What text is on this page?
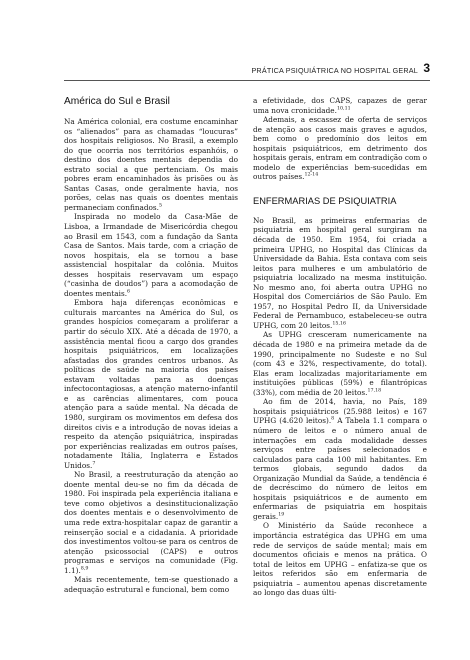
PRÁTICA PSIQUIÁTRICA NO HOSPITAL GERAL 3
América do Sul e Brasil

Na América colonial, era costume encaminhar os “alienados” para as chamadas “loucuras” dos hospitais religiosos. No Brasil, a exemplo do que ocorria nos territórios espanhóis, o destino dos doentes mentais dependia do estrato social a que pertenciam. Os mais pobres eram encaminhados às prisões ou às Santas Casas, onde geralmente havia, nos porões, celas nas quais os doentes mentais permaneciam confinados.$^5$

Inspirada no modelo da Casa-Mãe de Lisboa, a Irmandade de Misericórdia chegou ao Brasil em 1543, com a fundação da Santa Casa de Santos. Mais tarde, com a criação de novos hospitais, ela se tornou a base assistencial hospitalar da colônia. Muitos desses hospitais reservavam um espaço (“casinha de doudos”) para a acomodação de doentes mentais.$^6$

Embora haja diferenças econômicas e culturais marcantes na América do Sul, os grandes hospícios começaram a proliferar a partir do século XIX. Até a década de 1970, a assistência mental ficou a cargo dos grandes hospitais psiquiátricos, em localizações afastadas dos grandes centros urbanos. As políticas de saúde na maioria dos países estavam voltadas para as doenças infectocontagiosas, a atenção materno-infantil e as carências alimentares, com pouca atenção para a saúde mental. Na década de 1980, surgiram os movimentos em defesa dos direitos civis e a introdução de novas ideias a respeito da atenção psiquiátrica, inspiradas por experiências realizadas em outros países, notadamente Itália, Inglaterra e Estados Unidos.$^7$

No Brasil, a reestruturação da atenção ao doente mental deu-se no fim da década de 1980. Foi inspirada pela experiência italiana e teve como objetivos a desinstitucionalização dos doentes mentais e o desenvolvimento de uma rede extra-hospitalar capaz de garantir a reinserção social e a cidadania. A prioridade dos investimentos voltou-se para os centros de atenção psicossocial (CAPS) e outros programas e serviços na comunidade (Fig. 1.1).$^{8,9}$

Mais recentemente, tem-se questionado a adequação estrutural e funcional, bem como

a efetividade, dos CAPS, capazes de gerar uma nova cronicidade.$^{10,11}$

Ademais, a escassez de oferta de serviços de atenção aos casos mais graves e agudos, bem como o predomínio dos leitos em hospitais psiquiátricos, em detrimento dos hospitais gerais, entram em contradição com o modelo de experiências bem-sucedidas em outros países.$^{12-14}$

ENFERMARIAS DE PSIQUIATRIA

No Brasil, as primeiras enfermarias de psiquiatria em hospital geral surgiram na década de 1950. Em 1954, foi criada a primeira UPHG, no Hospital das Clínicas da Universidade da Bahia. Esta contava com seis leitos para mulheres e um ambulatório de psiquiatria localizado na mesma instituição. No mesmo ano, foi aberta outra UPHG no Hospital dos Comerciários de São Paulo. Em 1957, no Hospital Pedro II, da Universidade Federal de Pernambuco, estabeleceu-se outra UPHG, com 20 leitos.$^{15,16}$

As UPHG cresceram numericamente na década de 1980 e na primeira metade da de 1990, principalmente no Sudeste e no Sul (com 43 e 32%, respectivamente, do total). Elas eram localizadas majoritariamente em instituições públicas (59%) e filantrópicas (33%), com média de 20 leitos.$^{17,18}$

Ao fim de 2014, havia, no País, 189 hospitais psiquiátricos (25.988 leitos) e 167 UPHG (4.620 leitos).$^8$ A Tabela 1.1 compara o número de leitos e o número anual de internações em cada modalidade desses serviços entre países selecionados e calculados para cada 100 mil habitantes. Em termos globais, segundo dados da Organização Mundial da Saúde, a tendência é de decréscimo do número de leitos em hospitais psiquiátricos e de aumento em enfermarias de psiquiatria em hospitais gerais.$^{19}$

O Ministério da Saúde reconhece a importância estratégica das UPHG em uma rede de serviços de saúde mental; mais em documentos oficiais e menos na prática. O total de leitos em UPHG – enfatiza-se que os leitos referidos são em enfermaria de psiquiatria – aumentou apenas discretamente ao longo das duas últi-
